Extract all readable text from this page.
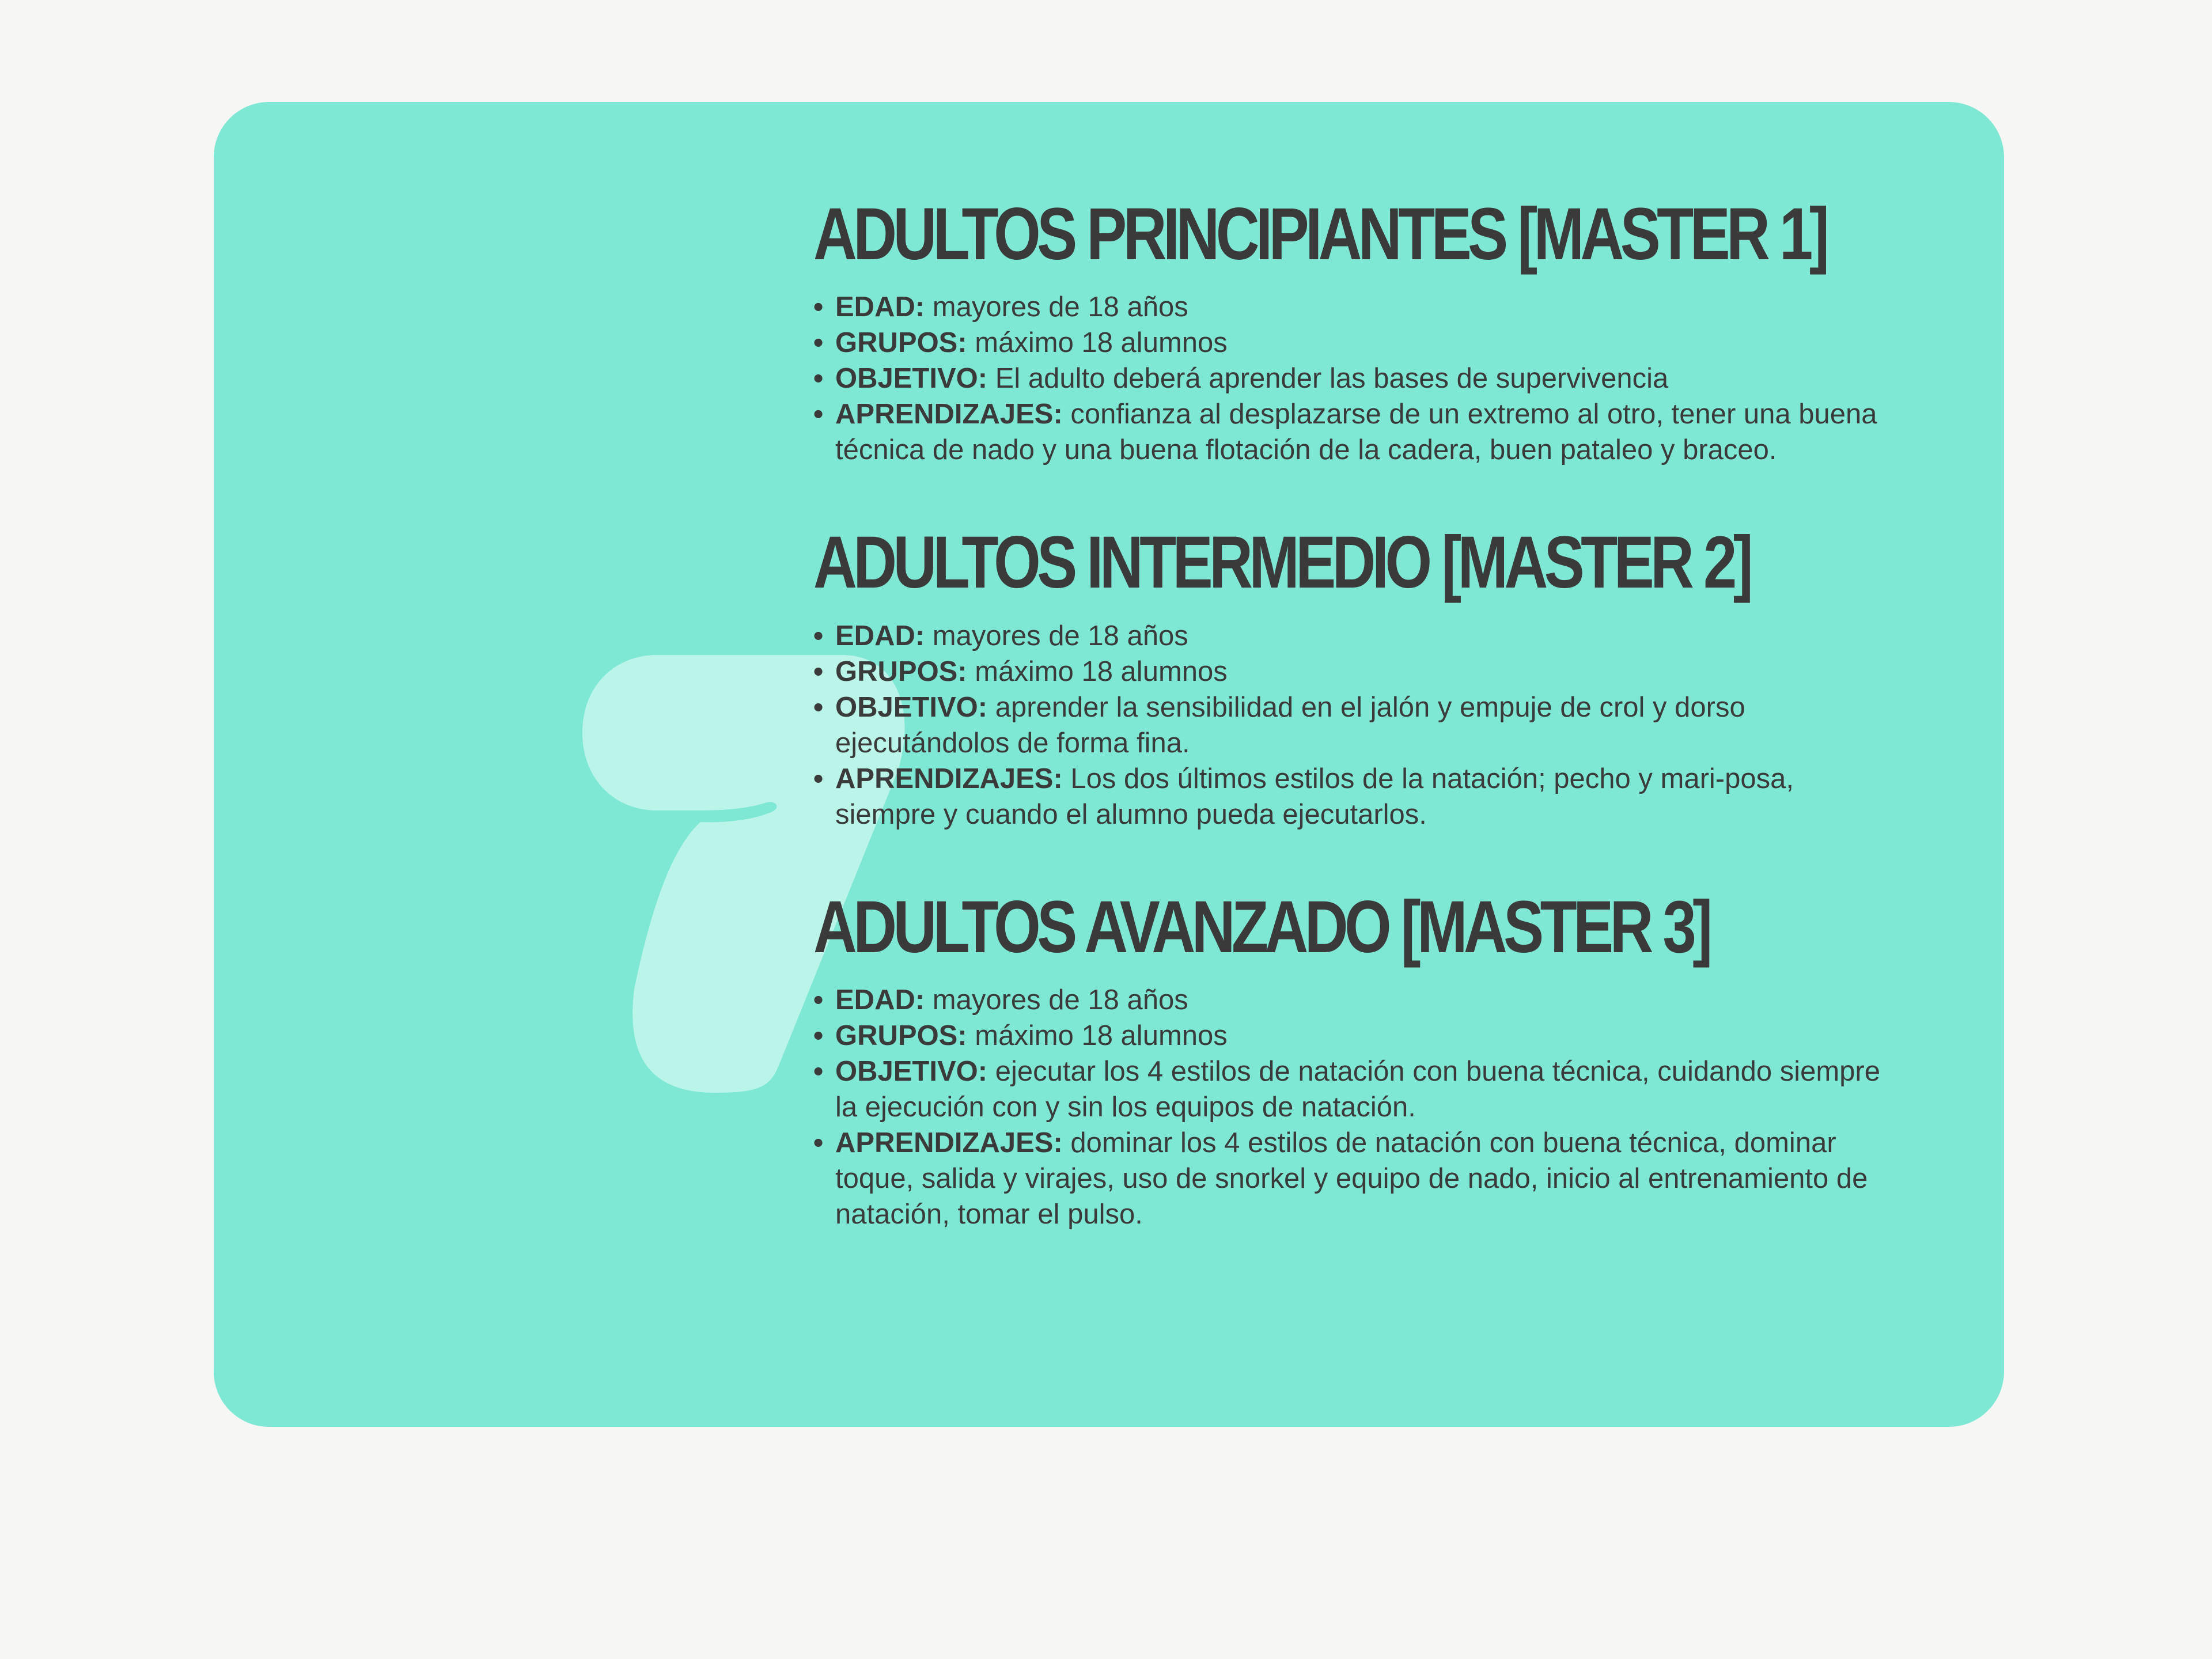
ADULTOS PRINCIPIANTES [MASTER 1]
• EDAD: mayores de 18 años
• GRUPOS: máximo 18 alumnos
• OBJETIVO: El adulto deberá aprender las bases de supervivencia
• APRENDIZAJES: confianza al desplazarse de un extremo al otro, tener una buena técnica de nado y una buena flotación de la cadera, buen pataleo y braceo.
ADULTOS INTERMEDIO [MASTER 2]
• EDAD: mayores de 18 años
• GRUPOS: máximo 18 alumnos
• OBJETIVO: aprender la sensibilidad en el jalón y empuje de crol y dorso ejecutándolos de forma fina.
• APRENDIZAJES: Los dos últimos estilos de la natación; pecho y mari-posa, siempre y cuando el alumno pueda ejecutarlos.
ADULTOS AVANZADO [MASTER 3]
• EDAD: mayores de 18 años
• GRUPOS: máximo 18 alumnos
• OBJETIVO: ejecutar los 4 estilos de natación con buena técnica, cuidando siempre la ejecución con y sin los equipos de natación.
• APRENDIZAJES: dominar los 4 estilos de natación con buena técnica, dominar toque, salida y virajes, uso de snorkel y equipo de nado, inicio al entrenamiento de natación, tomar el pulso.
